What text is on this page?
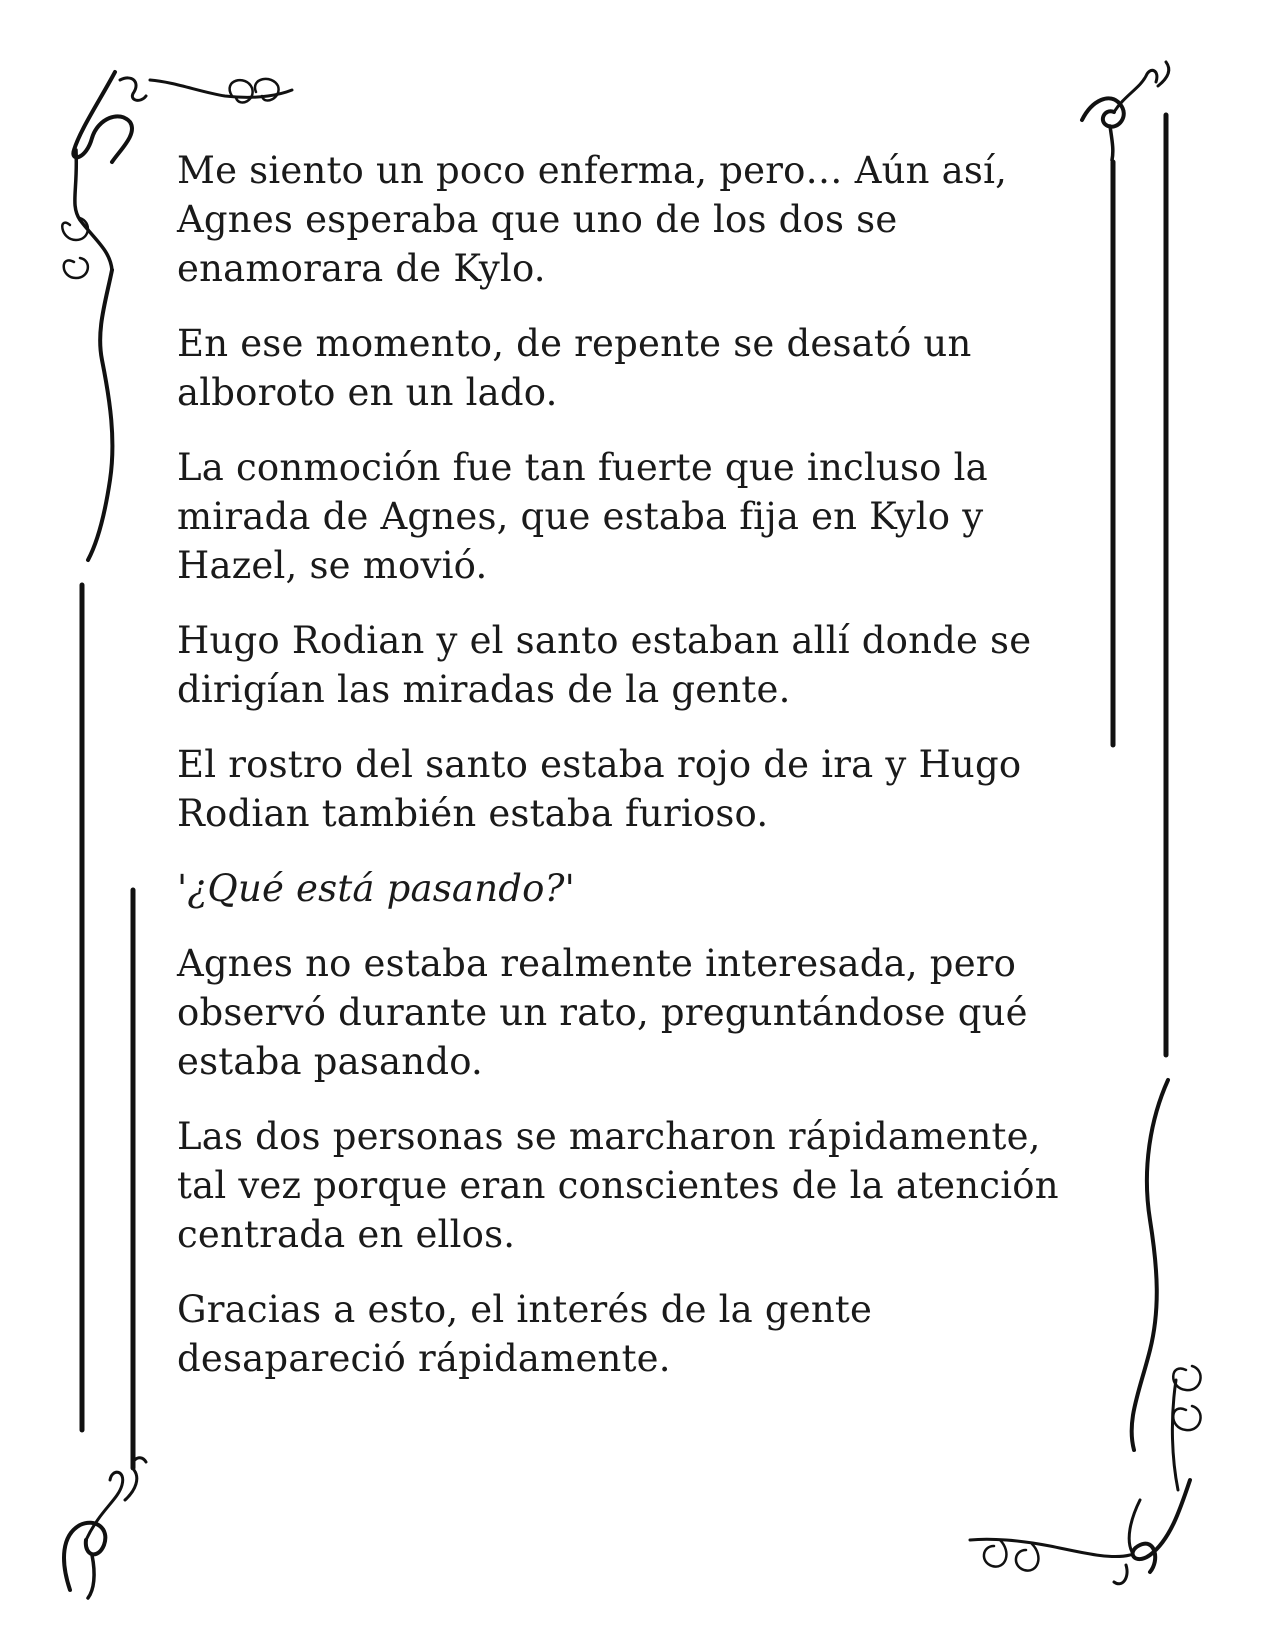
Me siento un poco enferma, pero… Aún así, Agnes esperaba que uno de los dos se enamorara de Kylo.

En ese momento, de repente se desató un alboroto en un lado.

La conmoción fue tan fuerte que incluso la mirada de Agnes, que estaba fija en Kylo y Hazel, se movió.

Hugo Rodian y el santo estaban allí donde se dirigían las miradas de la gente.

El rostro del santo estaba rojo de ira y Hugo Rodian también estaba furioso.

'¿Qué está pasando?'

Agnes no estaba realmente interesada, pero observó durante un rato, preguntándose qué estaba pasando.

Las dos personas se marcharon rápidamente, tal vez porque eran conscientes de la atención centrada en ellos.

Gracias a esto, el interés de la gente desapareció rápidamente.
